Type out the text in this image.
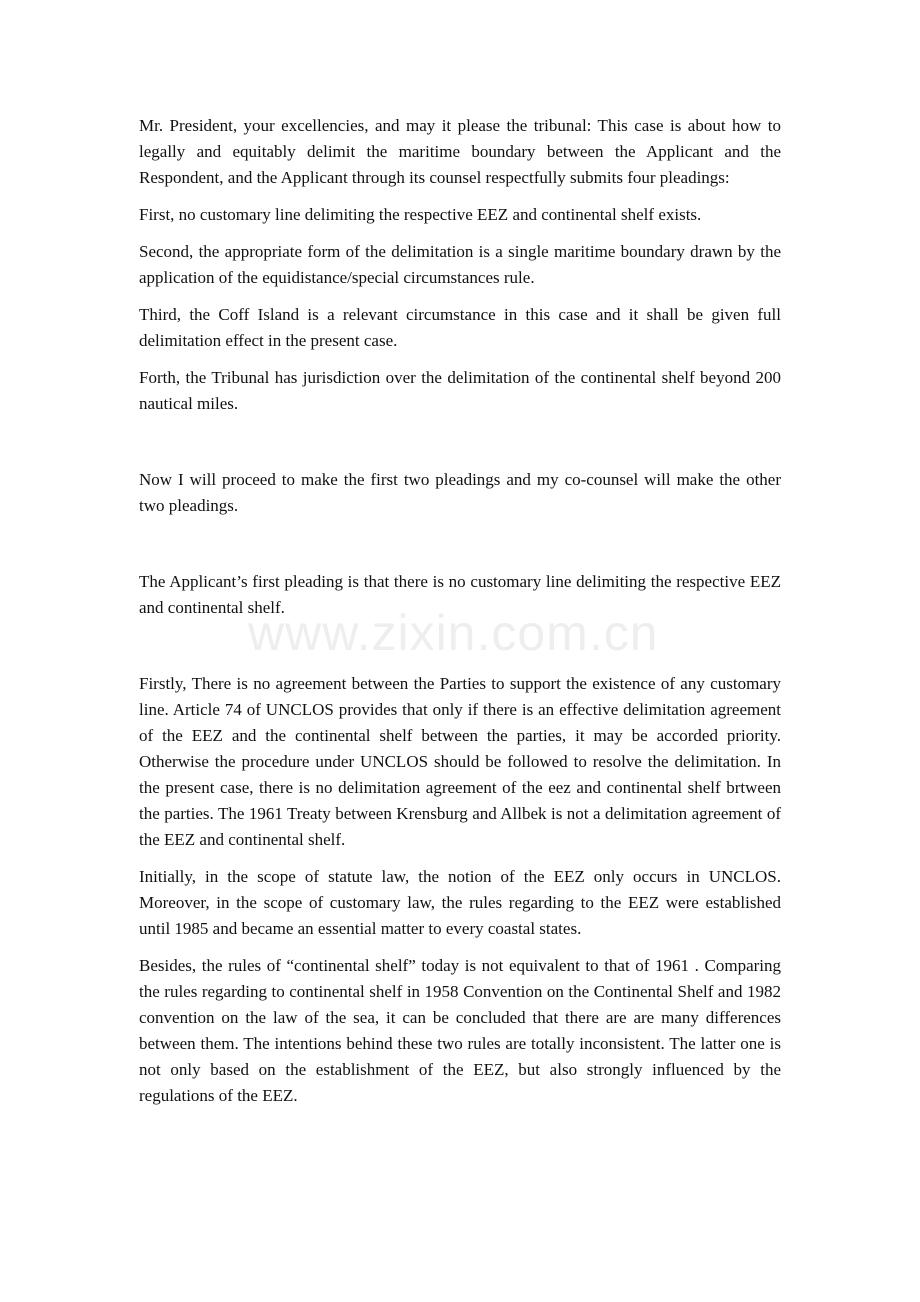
Mr. President, your excellencies, and may it please the tribunal: This case is about how to legally and equitably delimit the maritime boundary between the Applicant and the Respondent, and the Applicant through its counsel respectfully submits four pleadings:

First, no customary line delimiting the respective EEZ and continental shelf exists.

Second, the appropriate form of the delimitation is a single maritime boundary drawn by the application of the equidistance/special circumstances rule.

Third, the Coff Island is a relevant circumstance in this case and it shall be given full delimitation effect in the present case.

Forth, the Tribunal has jurisdiction over the delimitation of the continental shelf beyond 200 nautical miles.

Now I will proceed to make the first two pleadings and my co-counsel will make the other two pleadings.

The Applicant’s first pleading is that there is no customary line delimiting the respective EEZ and continental shelf.

Firstly, There is no agreement between the Parties to support the existence of any customary line. Article 74 of UNCLOS provides that only if there is an effective delimitation agreement of the EEZ and the continental shelf between the parties, it may be accorded priority. Otherwise the procedure under UNCLOS should be followed to resolve the delimitation. In the present case, there is no delimitation agreement of the eez and continental shelf brtween the parties. The 1961 Treaty between Krensburg and Allbek is not a delimitation agreement of the EEZ and continental shelf.

Initially, in the scope of statute law, the notion of the EEZ only occurs in UNCLOS. Moreover, in the scope of customary law, the rules regarding to the EEZ were established until 1985 and became an essential matter to every coastal states.

Besides, the rules of “continental shelf” today is not equivalent to that of 1961 . Comparing the rules regarding to continental shelf in 1958 Convention on the Continental Shelf and 1982 convention on the law of the sea, it can be concluded that there are are many differences between them. The intentions behind these two rules are totally inconsistent. The latter one is not only based on the establishment of the EEZ, but also strongly influenced by the regulations of the EEZ.

www.zixin.com.cn
